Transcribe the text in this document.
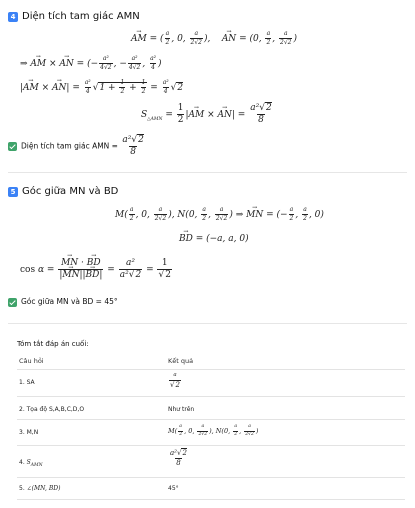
4 Diện tích tam giác AMN
→ AM = ( $\frac{a}{2}$ , 0, $\frac{a}{2√2}$ ),    → AN = (0, $\frac{a}{2}$ , $\frac{a}{2√2}$ )
⇒ → AM × → AN = (− $\frac{\text{a²}}{4√2}$ , − $\frac{\text{a²}}{4√2}$ , $\frac{\text{a²}}{4}$ )
|→ AM × → $AN| = \frac{\text{a²}}{4} √1 + \frac{1}{2} + \frac{1}{2} = \frac{\text{a²}}{4} √2$
$S_{\triangle AMN} = \frac{1}{2}$ |→ AM × → $AN| = \frac{\text{a²√2}}{8}$
Diện tích tam giác AMN = $\frac{\text{a²√2}}{8}$
5 Góc giữa MN và BD
$M( \frac{a}{2}$ , 0, $\frac{a}{2√2}$ ), N(0, $\frac{a}{2}$ , $\frac{a}{2√2}$ ) ⇒ → MN = (− $\frac{a}{2}$ , $\frac{a}{2}$ , 0)
→ BD = (−a, a, 0)
cos α = → $\frac{MN \cdot \to BD}{|\to MN||\to BD|} = \frac{\text{a²}}{\text{a²√2}} = \frac{1}{√2}$
Góc giữa MN và BD = 45°
Tóm tắt đáp án cuối:
Câu hỏi	Kết quả
1. SA	$\frac{a}{√2}$
2. Tọa độ S,A,B,C,D,O	Như trên
3. M,N	$M( \frac{a}{2}$ , 0, $\frac{a}{2√2}$ ), N(0, $\frac{a}{2}$ , $\frac{a}{2√2}$ )
4. $S_{AMN}$	$\frac{\text{a²√2}}{8}$
5. ∠(MN, BD)	45°
